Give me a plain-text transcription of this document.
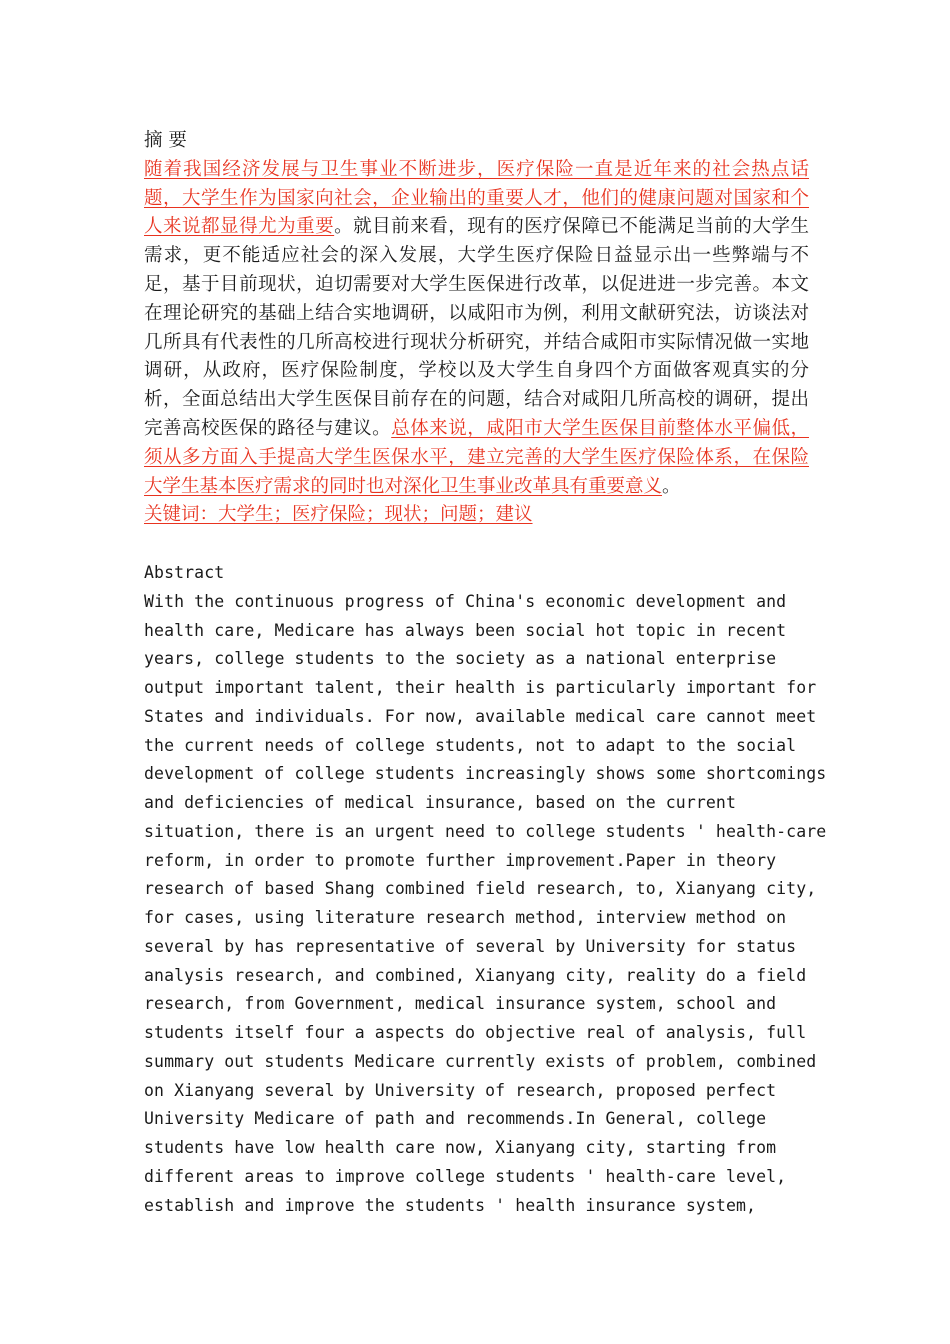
摘 要

随着我国经济发展与卫生事业不断进步，医疗保险一直是近年来的社会热点话题，大学生作为国家向社会，企业输出的重要人才，他们的健康问题对国家和个人来说都显得尤为重要。就目前来看，现有的医疗保障已不能满足当前的大学生需求，更不能适应社会的深入发展，大学生医疗保险日益显示出一些弊端与不足，基于目前现状，迫切需要对大学生医保进行改革，以促进进一步完善。本文在理论研究的基础上结合实地调研，以咸阳市为例，利用文献研究法，访谈法对几所具有代表性的几所高校进行现状分析研究，并结合咸阳市实际情况做一实地调研，从政府，医疗保险制度，学校以及大学生自身四个方面做客观真实的分析，全面总结出大学生医保目前存在的问题，结合对咸阳几所高校的调研，提出完善高校医保的路径与建议。总体来说，咸阳市大学生医保目前整体水平偏低，须从多方面入手提高大学生医保水平，建立完善的大学生医疗保险体系，在保险大学生基本医疗需求的同时也对深化卫生事业改革具有重要意义。

关键词：大学生；医疗保险；现状；问题；建议

Abstract
With the continuous progress of China's economic development and
health care, Medicare has always been social hot topic in recent
years, college students to the society as a national enterprise
output important talent, their health is particularly important for
States and individuals. For now, available medical care cannot meet
the current needs of college students, not to adapt to the social
development of college students increasingly shows some shortcomings
and deficiencies of medical insurance, based on the current
situation, there is an urgent need to college students ' health-care
reform, in order to promote further improvement.Paper in theory
research of based Shang combined field research, to, Xianyang city,
for cases, using literature research method, interview method on
several by has representative of several by University for status
analysis research, and combined, Xianyang city, reality do a field
research, from Government, medical insurance system, school and
students itself four a aspects do objective real of analysis, full
summary out students Medicare currently exists of problem, combined
on Xianyang several by University of research, proposed perfect
University Medicare of path and recommends.In General, college
students have low health care now, Xianyang city, starting from
different areas to improve college students ' health-care level,
establish and improve the students ' health insurance system,
